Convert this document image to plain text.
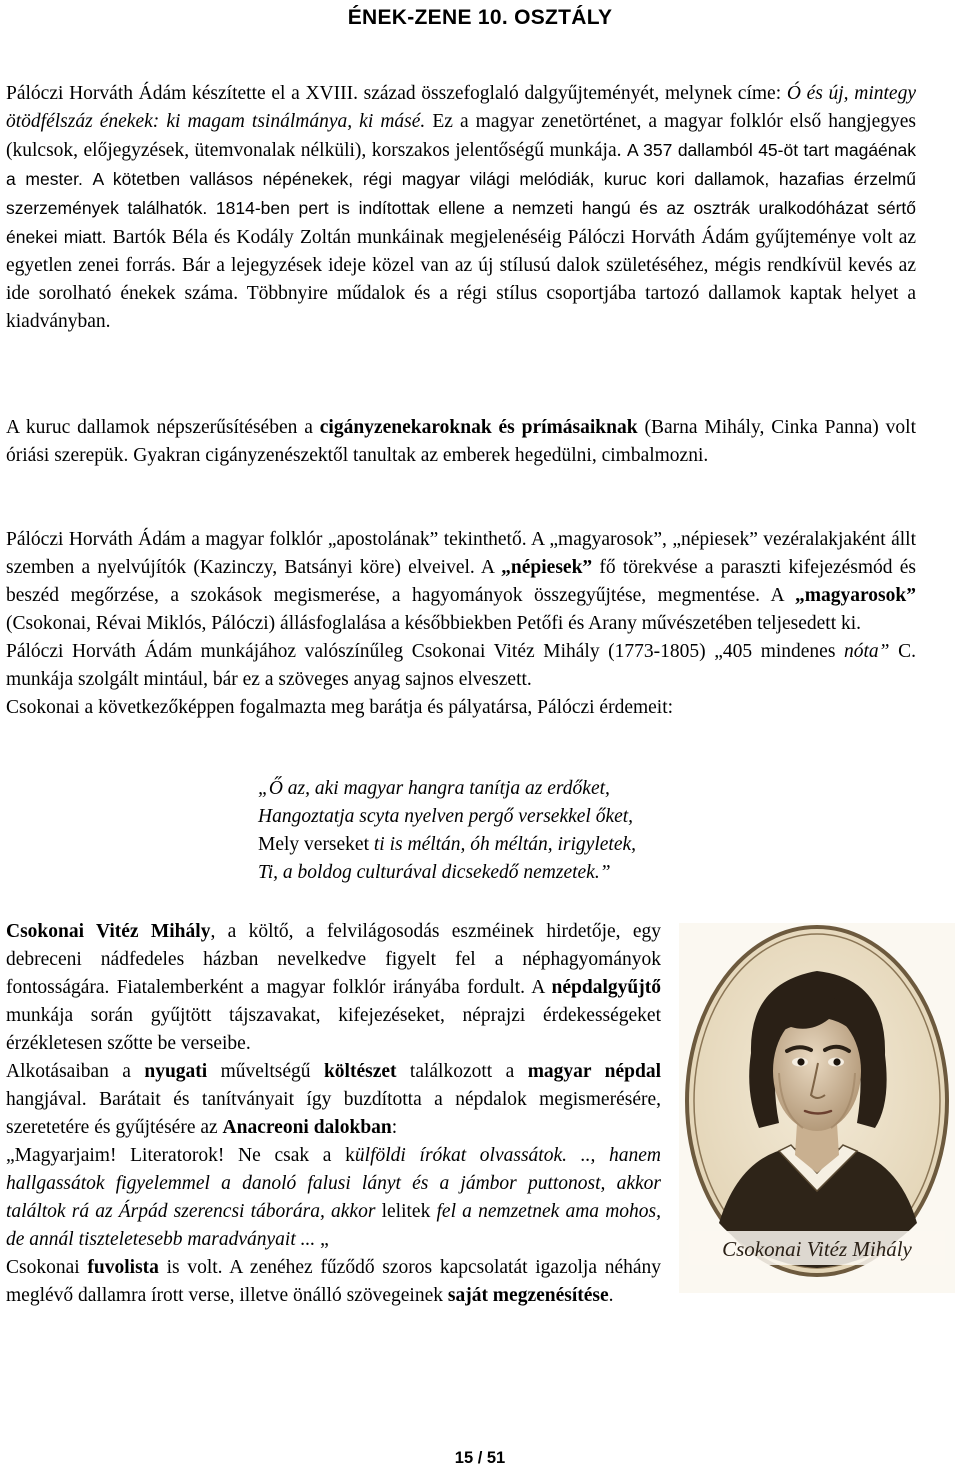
ÉNEK-ZENE 10. OSZTÁLY
Pálóczi Horváth Ádám készítette el a XVIII. század összefoglaló dalgyűjteményét, melynek címe: Ó és új, mintegy ötödfélszáz énekek: ki magam tsinálmánya, ki másé. Ez a magyar zenetörténet, a magyar folklór első hangjegyes (kulcsok, előjegyzések, ütemvonalak nélküli), korszakos jelentőségű munkája. A 357 dallamból 45-öt tart magáénak a mester. A kötetben vallásos népénekek, régi magyar világi melódiák, kuruc kori dallamok, hazafias érzelmű szerzemények találhatók. 1814-ben pert is indítottak ellene a nemzeti hangú és az osztrák uralkodóházat sértő énekei miatt. Bartók Béla és Kodály Zoltán munkáinak megjelenéséig Pálóczi Horváth Ádám gyűjteménye volt az egyetlen zenei forrás. Bár a lejegyzések ideje közel van az új stílusú dalok születéséhez, mégis rendkívül kevés az ide sorolható énekek száma. Többnyire műdalok és a régi stílus csoportjába tartozó dallamok kaptak helyet a kiadványban.
A kuruc dallamok népszerűsítésében a cigányzenekaroknak és prímásaiknak (Barna Mihály, Cinka Panna) volt óriási szerepük. Gyakran cigányzenészektől tanultak az emberek hegedülni, cimbalmozni.

Pálóczi Horváth Ádám a magyar folklór „apostolának” tekinthető. A „magyarosok”, „népiesek” vezéralakjaként állt szemben a nyelvújítók (Kazinczy, Batsányi köre) elveivel. A „népiesek” fő törekvése a paraszti kifejezésmód és beszéd megőrzése, a szokások megismerése, a hagyományok összegyűjtése, megmentése. A „magyarosok” (Csokonai, Révai Miklós, Pálóczi) állásfoglalása a későbbiekben Petőfi és Arany művészetében teljesedett ki.

Pálóczi Horváth Ádám munkájához valószínűleg Csokonai Vitéz Mihály (1773-1805) „405 mindenes nóta” C. munkája szolgált mintául, bár ez a szöveges anyag sajnos elveszett.

Csokonai a következőképpen fogalmazta meg barátja és pályatársa, Pálóczi érdemeit:

„Ő az, aki magyar hangra tanítja az erdőket,
Hangoztatja scyta nyelven pergő versekkel őket,
Mely verseket ti is méltán, óh méltán, irigyletek,
Ti, a boldog culturával dicsekedő nemzetek.”

Csokonai Vitéz Mihály, a költő, a felvilágosodás eszméinek hirdetője, egy debreceni nádfedeles házban nevelkedve figyelt fel a néphagyományok fontosságára. Fiatalemberként a magyar folklór irányába fordult. A népdalgyűjtő munkája során gyűjtött tájszavakat, kifejezéseket, néprajzi érdekességeket érzékletesen szőtte be verseibe.

Alkotásaiban a nyugati műveltségű költészet találkozott a magyar népdal hangjával. Barátait és tanítványait így buzdította a népdalok megismerésére, szeretetére és gyűjtésére az Anacreoni dalokban:

„Magyarjaim! Literatorok! Ne csak a külföldi írókat olvassátok. .., hanem hallgassátok figyelemmel a danoló falusi lányt és a jámbor puttonost, akkor találtok rá az Árpád szerencsi táborára, akkor lelitek fel a nemzetnek ama mohos, de annál tiszteletesebb maradványait ... „

Csokonai fuvolista is volt. A zenéhez fűződő szoros kapcsolatát igazolja néhány meglévő dallamra írott verse, illetve önálló szövegeinek saját megzenésítése.

Csokonai Vitéz Mihály
15 / 51
